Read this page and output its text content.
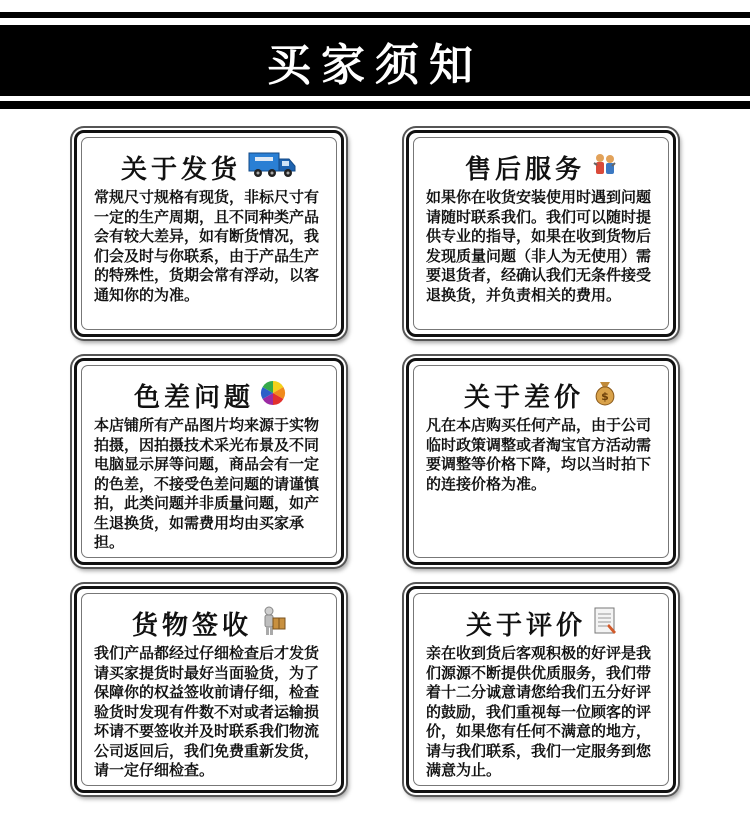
买家须知
关于发货
常规尺寸规格有现货，非标尺寸有一定的生产周期，且不同种类产品会有较大差异，如有断货情况，我们会及时与你联系，由于产品生产的特殊性，货期会常有浮动，以客通知你的为准。
售后服务
如果你在收货安装使用时遇到问题请随时联系我们。我们可以随时提供专业的指导，如果在收到货物后发现质量问题（非人为无使用）需要退货者，经确认我们无条件接受退换货，并负责相关的费用。
色差问题
本店铺所有产品图片均来源于实物拍摄，因拍摄技术采光布景及不同电脑显示屏等问题，商品会有一定的色差，不接受色差问题的请谨慎拍，此类问题并非质量问题，如产生退换货，如需费用均由买家承担。
关于差价 $
凡在本店购买任何产品，由于公司临时政策调整或者淘宝官方活动需要调整等价格下降，均以当时拍下的连接价格为准。
货物签收
我们产品都经过仔细检查后才发货请买家提货时最好当面验货，为了保障你的权益签收前请仔细，检查验货时发现有件数不对或者运输损坏请不要签收并及时联系我们物流公司返回后，我们免费重新发货，请一定仔细检查。
关于评价
亲在收到货后客观积极的好评是我们源源不断提供优质服务，我们带着十二分诚意请您给我们五分好评的鼓励，我们重视每一位顾客的评价，如果您有任何不满意的地方，请与我们联系，我们一定服务到您满意为止。
